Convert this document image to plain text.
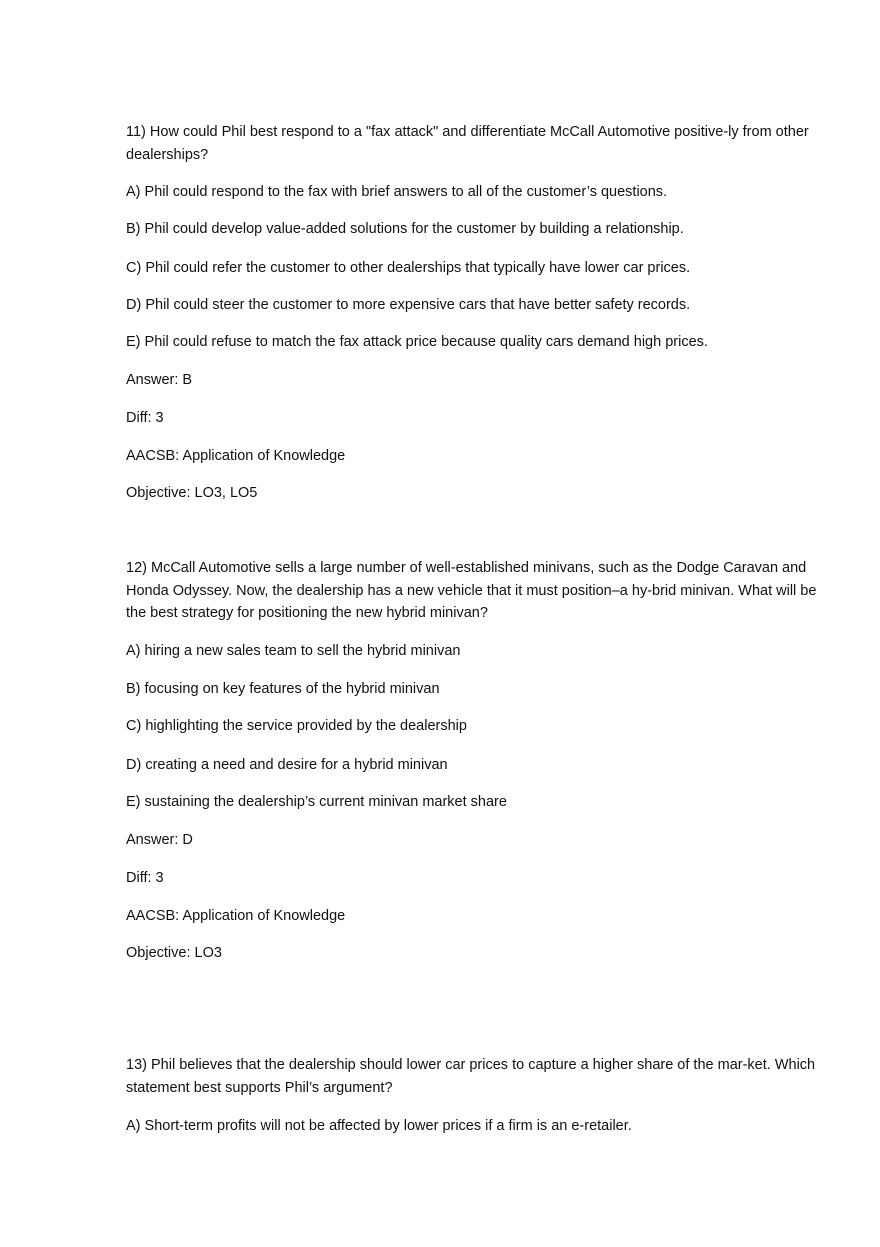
11) How could Phil best respond to a "fax attack" and differentiate McCall Automotive positive-ly from other dealerships?

A) Phil could respond to the fax with brief answers to all of the customer’s questions.

B) Phil could develop value-added solutions for the customer by building a relationship.

C) Phil could refer the customer to other dealerships that typically have lower car prices.

D) Phil could steer the customer to more expensive cars that have better safety records.

E) Phil could refuse to match the fax attack price because quality cars demand high prices.

Answer: B

Diff: 3

AACSB: Application of Knowledge

Objective: LO3, LO5

12) McCall Automotive sells a large number of well-established minivans, such as the Dodge Caravan and Honda Odyssey. Now, the dealership has a new vehicle that it must position–a hy-brid minivan. What will be the best strategy for positioning the new hybrid minivan?

A) hiring a new sales team to sell the hybrid minivan

B) focusing on key features of the hybrid minivan

C) highlighting the service provided by the dealership

D) creating a need and desire for a hybrid minivan

E) sustaining the dealership’s current minivan market share

Answer: D

Diff: 3

AACSB: Application of Knowledge

Objective: LO3

13) Phil believes that the dealership should lower car prices to capture a higher share of the mar-ket. Which statement best supports Phil’s argument?

A) Short-term profits will not be affected by lower prices if a firm is an e-retailer.
